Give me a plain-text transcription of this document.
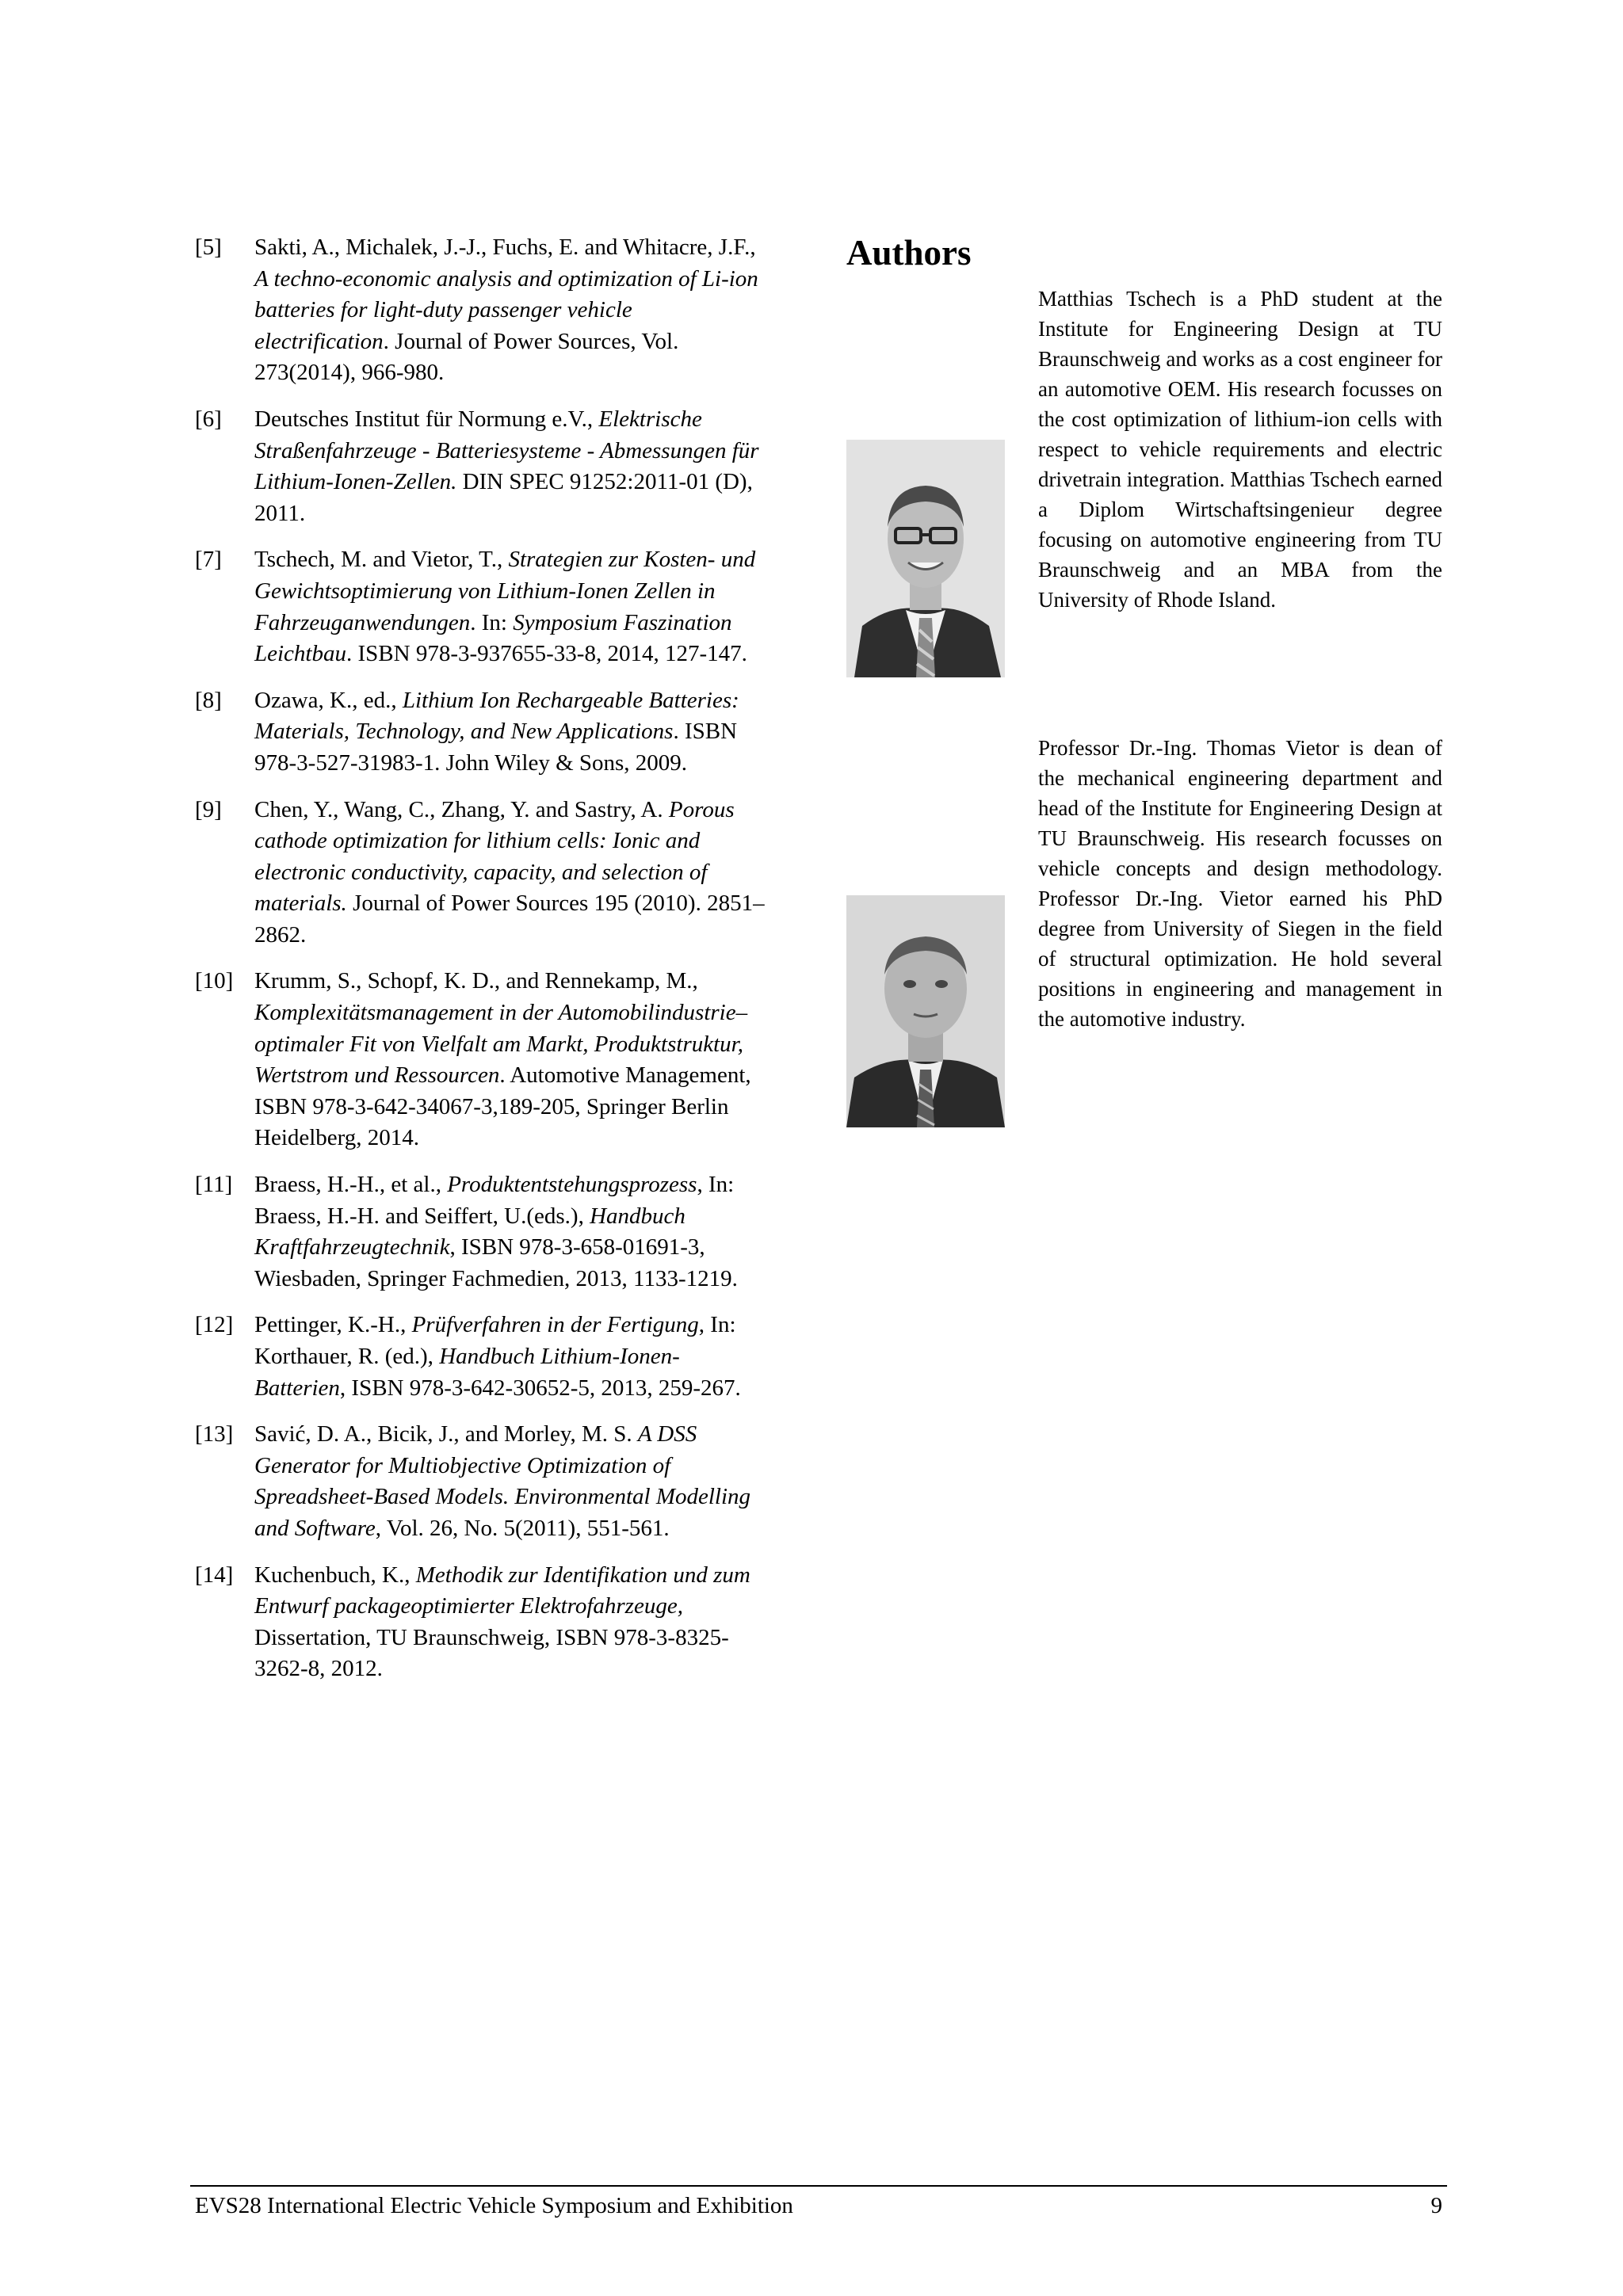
[5] Sakti, A., Michalek, J.-J., Fuchs, E. and Whitacre, J.F., A techno-economic analysis and optimization of Li-ion batteries for light-duty passenger vehicle electrification. Journal of Power Sources, Vol. 273(2014), 966-980.
[6] Deutsches Institut für Normung e.V., Elektrische Straßenfahrzeuge - Batteriesysteme - Abmessungen für Lithium-Ionen-Zellen. DIN SPEC 91252:2011-01 (D), 2011.
[7] Tschech, M. and Vietor, T., Strategien zur Kosten- und Gewichtsoptimierung von Lithium-Ionen Zellen in Fahrzeuganwendungen. In: Symposium Faszination Leichtbau. ISBN 978-3-937655-33-8, 2014, 127-147.
[8] Ozawa, K., ed., Lithium Ion Rechargeable Batteries: Materials, Technology, and New Applications. ISBN 978-3-527-31983-1. John Wiley & Sons, 2009.
[9] Chen, Y., Wang, C., Zhang, Y. and Sastry, A. Porous cathode optimization for lithium cells: Ionic and electronic conductivity, capacity, and selection of materials. Journal of Power Sources 195 (2010). 2851–2862.
[10] Krumm, S., Schopf, K. D., and Rennekamp, M., Komplexitätsmanagement in der Automobilindustrie–optimaler Fit von Vielfalt am Markt, Produktstruktur, Wertstrom und Ressourcen. Automotive Management, ISBN 978-3-642-34067-3,189-205, Springer Berlin Heidelberg, 2014.
[11] Braess, H.-H., et al., Produktentstehungsprozess, In: Braess, H.-H. and Seiffert, U.(eds.), Handbuch Kraftfahrzeugtechnik, ISBN 978-3-658-01691-3, Wiesbaden, Springer Fachmedien, 2013, 1133-1219.
[12] Pettinger, K.-H., Prüfverfahren in der Fertigung, In: Korthauer, R. (ed.), Handbuch Lithium-Ionen-Batterien, ISBN 978-3-642-30652-5, 2013, 259-267.
[13] Savić, D. A., Bicik, J., and Morley, M. S. A DSS Generator for Multiobjective Optimization of Spreadsheet-Based Models. Environmental Modelling and Software, Vol. 26, No. 5(2011), 551-561.
[14] Kuchenbuch, K., Methodik zur Identifikation und zum Entwurf packageoptimierter Elektrofahrzeuge, Dissertation, TU Braunschweig, ISBN 978-3-8325-3262-8, 2012.
Authors

Matthias Tschech is a PhD student at the Institute for Engineering Design at TU Braunschweig and works as a cost engineer for an automotive OEM. His research focusses on the cost optimization of lithium-ion cells with respect to vehicle requirements and electric drivetrain integration. Matthias Tschech earned a Diplom Wirtschaftsingenieur degree focusing on automotive engineering from TU Braunschweig and an MBA from the University of Rhode Island.

Professor Dr.-Ing. Thomas Vietor is dean of the mechanical engineering department and head of the Institute for Engineering Design at TU Braunschweig. His research focusses on vehicle concepts and design methodology. Professor Dr.-Ing. Vietor earned his PhD degree from University of Siegen in the field of structural optimization. He hold several positions in engineering and management in the automotive industry.

EVS28 International Electric Vehicle Symposium and Exhibition	9
